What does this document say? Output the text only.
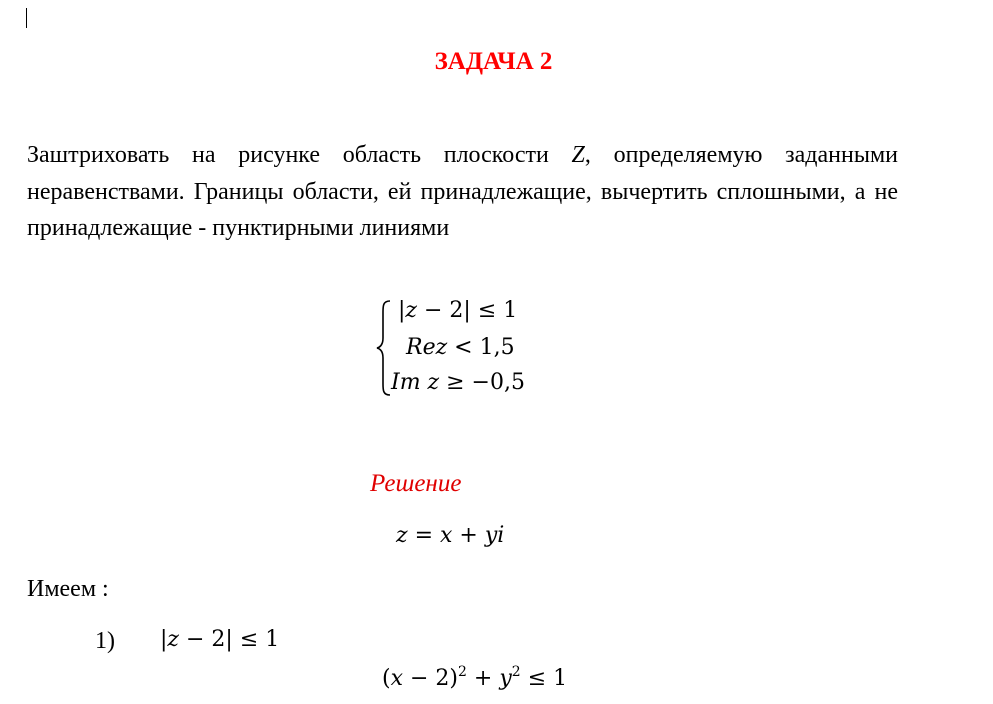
ЗАДАЧА 2

Заштриховать на рисунке область плоскости Z, определяемую заданными неравенствами. Границы области, ей принадлежащие, вычертить сплошными, а не принадлежащие - пунктирными линиями

|z − 2| ≤ 1
Rez < 1,5
Im z ≥ −0,5
Решение
z = x + yi
Имеем :
1) |z − 2| ≤ 1
$(x - 2)^2 + y^2 \le 1$
